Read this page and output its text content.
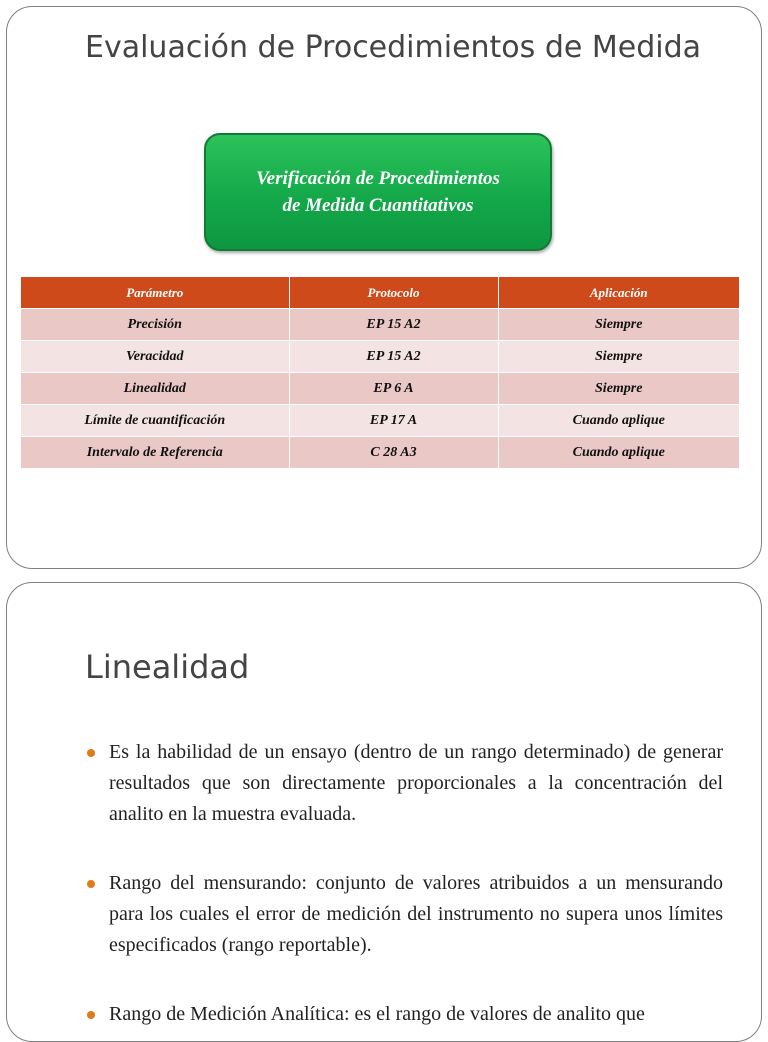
Evaluación de Procedimientos de Medida
Verificación de Procedimientos
de Medida Cuantitativos
Parámetro	Protocolo	Aplicación
Precisión	EP 15 A2	Siempre
Veracidad	EP 15 A2	Siempre
Linealidad	EP 6 A	Siempre
Límite de cuantificación	EP 17 A	Cuando aplique
Intervalo de Referencia	C 28 A3	Cuando aplique
Linealidad
Es la habilidad de un ensayo (dentro de un rango determinado) de generar resultados que son directamente proporcionales a la concentración del analito en la muestra evaluada.
Rango del mensurando: conjunto de valores atribuidos a un mensurando para los cuales el error de medición del instrumento no supera unos límites especificados (rango reportable).
Rango de Medición Analítica: es el rango de valores de analito que
